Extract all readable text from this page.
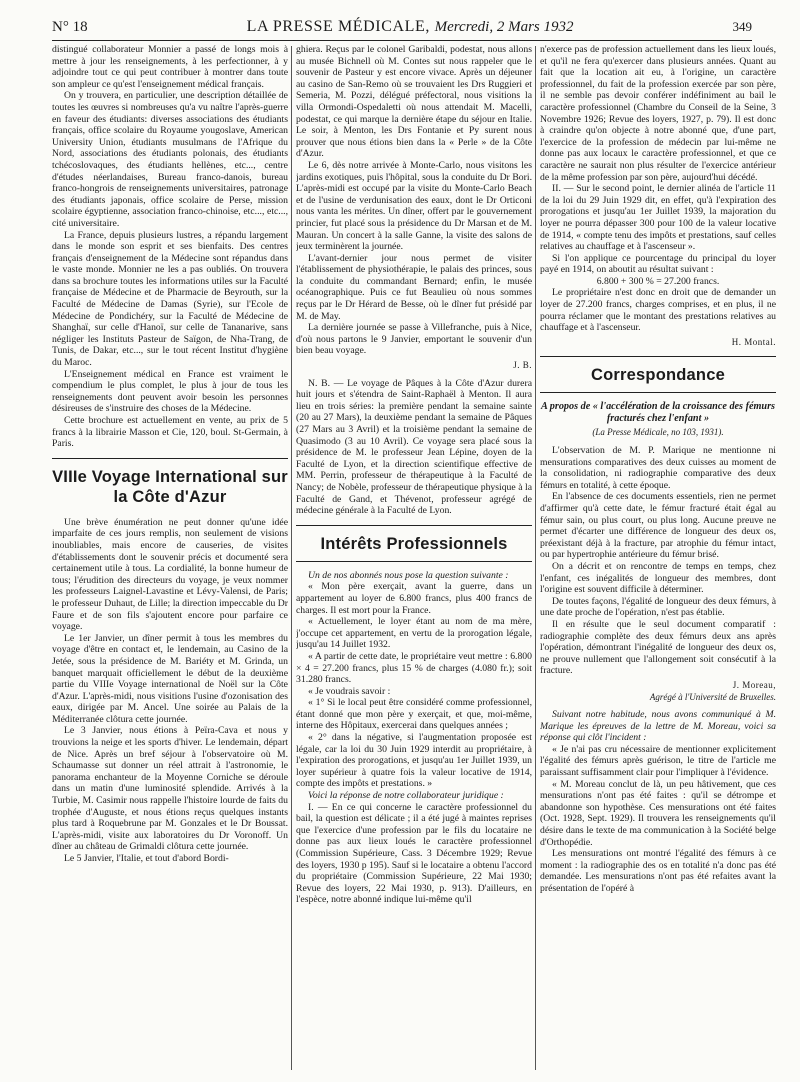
N° 18	LA PRESSE MÉDICALE, Mercredi, 2 Mars 1932	349

distingué collaborateur Monnier a passé de longs mois à mettre à jour les renseignements, à les perfectionner, à y adjoindre tout ce qui peut contribuer à montrer dans toute son ampleur ce qu'est l'enseignement médical français.

On y trouvera, en particulier, une description détaillée de toutes les œuvres si nombreuses qu'a vu naître l'après-guerre en faveur des étudiants: diverses associations des étudiants français, office scolaire du Royaume yougoslave, American University Union, étudiants musulmans de l'Afrique du Nord, associations des étudiants polonais, des étudiants tchécoslovaques, des étudiants hellènes, etc..., centre d'études néerlandaises, Bureau franco-danois, bureau franco-hongrois de renseignements universitaires, patronage des étudiants japonais, office scolaire de Perse, mission scolaire égyptienne, association franco-chinoise, etc..., etc..., cité universitaire.

La France, depuis plusieurs lustres, a répandu largement dans le monde son esprit et ses bienfaits. Des centres français d'enseignement de la Médecine sont répandus dans le vaste monde. Monnier ne les a pas oubliés. On trouvera dans sa brochure toutes les informations utiles sur la Faculté française de Médecine et de Pharmacie de Beyrouth, sur la Faculté de Médecine de Damas (Syrie), sur l'Ecole de Médecine de Pondichéry, sur la Faculté de Médecine de Shanghaï, sur celle d'Hanoï, sur celle de Tananarive, sans négliger les Instituts Pasteur de Saïgon, de Nha-Trang, de Tunis, de Dakar, etc..., sur le tout récent Institut d'hygiène du Maroc.

L'Enseignement médical en France est vraiment le compendium le plus complet, le plus à jour de tous les renseignements dont peuvent avoir besoin les personnes désireuses de s'instruire des choses de la Médecine.

Cette brochure est actuellement en vente, au prix de 5 francs à la librairie Masson et Cie, 120, boul. St-Germain, à Paris.

VIIIe Voyage International sur la Côte d'Azur

Une brève énumération ne peut donner qu'une idée imparfaite de ces jours remplis, non seulement de visions inoubliables, mais encore de causeries, de visites d'établissements dont le souvenir précis et documenté sera certainement utile à tous. La cordialité, la bonne humeur de tous; l'érudition des directeurs du voyage, je veux nommer les professeurs Laignel-Lavastine et Lévy-Valensi, de Paris; le professeur Duhaut, de Lille; la direction impeccable du Dr Faure et de son fils s'ajoutent encore pour parfaire ce voyage.

Le 1er Janvier, un dîner permit à tous les membres du voyage d'être en contact et, le lendemain, au Casino de la Jetée, sous la présidence de M. Bariéty et M. Grinda, un banquet marquait officiellement le début de la deuxième partie du VIIIe Voyage international de Noël sur la Côte d'Azur. L'après-midi, nous visitions l'usine d'ozonisation des eaux, dirigée par M. Ancel. Une soirée au Palais de la Méditerranée clôtura cette journée.

Le 3 Janvier, nous étions à Peïra-Cava et nous y trouvions la neige et les sports d'hiver. Le lendemain, départ de Nice. Après un bref séjour à l'observatoire où M. Schaumasse sut donner un réel attrait à l'astronomie, le panorama enchanteur de la Moyenne Corniche se déroule dans un matin d'une luminosité splendide. Arrivés à la Turbie, M. Casimir nous rappelle l'histoire lourde de faits du trophée d'Auguste, et nous étions reçus quelques instants plus tard à Roquebrune par M. Gonzales et le Dr Boussat. L'après-midi, visite aux laboratoires du Dr Voronoff. Un dîner au château de Grimaldi clôtura cette journée.

Le 5 Janvier, l'Italie, et tout d'abord Bordi-

ghiera. Reçus par le colonel Garibaldi, podestat, nous allons au musée Bichnell où M. Contes sut nous rappeler que le souvenir de Pasteur y est encore vivace. Après un déjeuner au casino de San-Remo où se trouvaient les Drs Ruggieri et Semeria, M. Pozzi, délégué préfectoral, nous visitions la villa Ormondi-Ospedaletti où nous attendait M. Macelli, podestat, ce qui marque la dernière étape du séjour en Italie. Le soir, à Menton, les Drs Fontanie et Py surent nous prouver que nous étions bien dans la « Perle » de la Côte d'Azur.

Le 6, dès notre arrivée à Monte-Carlo, nous visitons les jardins exotiques, puis l'hôpital, sous la conduite du Dr Bori. L'après-midi est occupé par la visite du Monte-Carlo Beach et de l'usine de verdunisation des eaux, dont le Dr Orticoni nous vanta les mérites. Un dîner, offert par le gouvernement princier, fut placé sous la présidence du Dr Marsan et de M. Mauran. Un concert à la salle Ganne, la visite des salons de jeux terminèrent la journée.

L'avant-dernier jour nous permet de visiter l'établissement de physiothérapie, le palais des princes, sous la conduite du commandant Bernard; enfin, le musée océanographique. Puis ce fut Beaulieu où nous sommes reçus par le Dr Hérard de Besse, où le dîner fut présidé par M. de May.

La dernière journée se passe à Villefranche, puis à Nice, d'où nous partons le 9 Janvier, emportant le souvenir d'un bien beau voyage.

J. B.

N. B. — Le voyage de Pâques à la Côte d'Azur durera huit jours et s'étendra de Saint-Raphaël à Menton. Il aura lieu en trois séries: la première pendant la semaine sainte (20 au 27 Mars), la deuxième pendant la semaine de Pâques (27 Mars au 3 Avril) et la troisième pendant la semaine de Quasimodo (3 au 10 Avril). Ce voyage sera placé sous la présidence de M. le professeur Jean Lépine, doyen de la Faculté de Lyon, et la direction scientifique effective de MM. Perrin, professeur de thérapeutique à la Faculté de Nancy; de Nobèle, professeur de thérapeutique physique à la Faculté de Gand, et Thévenot, professeur agrégé de médecine générale à la Faculté de Lyon.

Intérêts Professionnels

Un de nos abonnés nous pose la question suivante :

« Mon père exerçait, avant la guerre, dans un appartement au loyer de 6.800 francs, plus 400 francs de charges. Il est mort pour la France.

« Actuellement, le loyer étant au nom de ma mère, j'occupe cet appartement, en vertu de la prorogation légale, jusqu'au 14 Juillet 1932.

« A partir de cette date, le propriétaire veut mettre : 6.800 × 4 = 27.200 francs, plus 15 % de charges (4.080 fr.); soit 31.280 francs.

« Je voudrais savoir :

« 1° Si le local peut être considéré comme professionnel, étant donné que mon père y exerçait, et que, moi-même, interne des Hôpitaux, exercerai dans quelques années ;

« 2° dans la négative, si l'augmentation proposée est légale, car la loi du 30 Juin 1929 interdit au propriétaire, à l'expiration des prorogations, et jusqu'au 1er Juillet 1939, un loyer supérieur à quatre fois la valeur locative de 1914, compte des impôts et prestations. »

Voici la réponse de notre collaborateur juridique :

I. — En ce qui concerne le caractère professionnel du bail, la question est délicate ; il a été jugé à maintes reprises que l'exercice d'une profession par le fils du locataire ne donne pas aux lieux loués le caractère professionnel (Commission Supérieure, Cass. 3 Décembre 1929; Revue des loyers, 1930 p 195). Sauf si le locataire a obtenu l'accord du propriétaire (Commission Supérieure, 22 Mai 1930; Revue des loyers, 22 Mai 1930, p. 913). D'ailleurs, en l'espèce, notre abonné indique lui-même qu'il

n'exerce pas de profession actuellement dans les lieux loués, et qu'il ne fera qu'exercer dans plusieurs années. Quant au fait que la location ait eu, à l'origine, un caractère professionnel, du fait de la profession exercée par son père, il ne semble pas devoir conférer indéfiniment au bail le caractère professionnel (Chambre du Conseil de la Seine, 3 Novembre 1926; Revue des loyers, 1927, p. 79). Il est donc à craindre qu'on objecte à notre abonné que, d'une part, l'exercice de la profession de médecin par lui-même ne donne pas aux locaux le caractère professionnel, et que ce caractère ne saurait non plus résulter de l'exercice antérieur de la même profession par son père, aujourd'hui décédé.

II. — Sur le second point, le dernier alinéa de l'article 11 de la loi du 29 Juin 1929 dit, en effet, qu'à l'expiration des prorogations et jusqu'au 1er Juillet 1939, la majoration du loyer ne pourra dépasser 300 pour 100 de la valeur locative de 1914, « compte tenu des impôts et prestations, sauf celles relatives au chauffage et à l'ascenseur ».

Si l'on applique ce pourcentage du principal du loyer payé en 1914, on aboutit au résultat suivant :

6.800 + 300 % = 27.200 francs.

Le propriétaire n'est donc en droit que de demander un loyer de 27.200 francs, charges comprises, et en plus, il ne pourra réclamer que le montant des prestations relatives au chauffage et à l'ascenseur.

H. Montal.
Correspondance
A propos de « l'accélération de la croissance des fémurs fracturés chez l'enfant »
(La Presse Médicale, no 103, 1931).

L'observation de M. P. Marique ne mentionne ni mensurations comparatives des deux cuisses au moment de la consolidation, ni radiographie comparative des deux fémurs en totalité, à cette époque.

En l'absence de ces documents essentiels, rien ne permet d'affirmer qu'à cette date, le fémur fracturé était égal au fémur sain, ou plus court, ou plus long. Aucune preuve ne permet d'écarter une différence de longueur des deux os, préexistant déjà à la fracture, par atrophie du fémur intact, ou par hypertrophie antérieure du fémur brisé.

On a décrit et on rencontre de temps en temps, chez l'enfant, ces inégalités de longueur des membres, dont l'origine est souvent difficile à déterminer.

De toutes façons, l'égalité de longueur des deux fémurs, à une date proche de l'opération, n'est pas établie.

Il en résulte que le seul document comparatif : radiographie complète des deux fémurs deux ans après l'opération, démontrant l'inégalité de longueur des deux os, ne prouve nullement que l'allongement soit consécutif à la fracture.

J. Moreau,
Agrégé à l'Université de Bruxelles.

Suivant notre habitude, nous avons communiqué à M. Marique les épreuves de la lettre de M. Moreau, voici sa réponse qui clôt l'incident :

« Je n'ai pas cru nécessaire de mentionner explicitement l'égalité des fémurs après guérison, le titre de l'article me paraissant suffisamment clair pour l'impliquer à l'évidence.

« M. Moreau conclut de là, un peu hâtivement, que ces mensurations n'ont pas été faites : qu'il se détrompe et abandonne son hypothèse. Ces mensurations ont été faites (Oct. 1928, Sept. 1929). Il trouvera les renseignements qu'il désire dans le texte de ma communication à la Société belge d'Orthopédie.

Les mensurations ont montré l'égalité des fémurs à ce moment : la radiographie des os en totalité n'a donc pas été demandée. Les mensurations n'ont pas été refaites avant la présentation de l'opéré à
